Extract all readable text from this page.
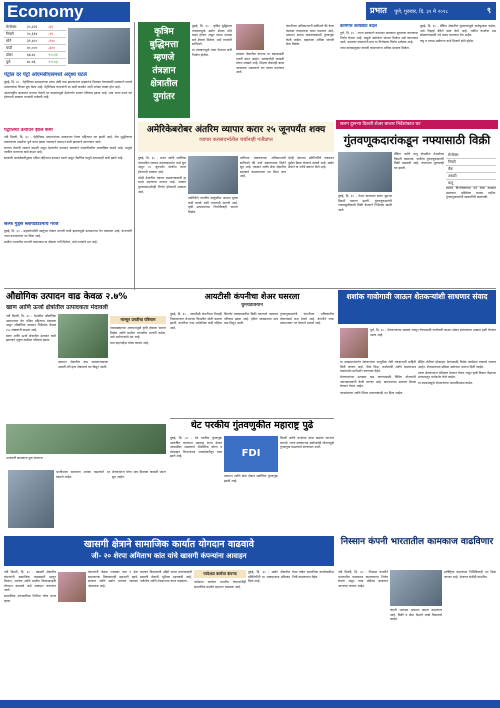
Economy	प्रभात पुणे, गुरुवार, दि. ३१ मे २०१८	९
सेन्सेक्स	३५,३२६	-६९
निफ्टी	१०,६१४	-२९
सोने	३१,४८०	-२५०
चांदी	४०,०००	-३००
डॉलर	६७.४८	+०.१२
युरो	७८.४६	+०.०३
पेट्रोल दर पेट्रो ओएमसीएसमध्ये अदृश्य घटले

मुंबई, दि. ३० - पेट्रोलियम उत्पादनांच्या दरात मोठी वाढ झाल्यानंतर ग्राहकांना दिलासा देण्यासाठी सरकारने पावले उचलण्याचा विचार सुरु केला आहे. पेट्रोलियम कंपन्यांनी दर कमी करावेत अशी अपेक्षा व्यक्त होत आहे.

आंतरराष्ट्रीय बाजारात कच्च्या तेलाचे दर वाढल्यामुळे देशांतर्गत दरावर परिणाम झाला आहे. मात्र आता दरात घट होण्याची शक्यता तज्ज्ञांनी वर्तवली आहे.

पेट्रोलियो उत्पादन झाले कमी

नवी दिल्ली, दि. ३० - पेट्रोलियम उत्पादनांच्या उत्पादनात गेल्या महिन्यात घट झाली आहे. तेल शुद्धीकरण प्रकल्पांच्या क्षमतेचा पूर्ण वापर झाला नसल्याने उत्पादन कमी झाल्याचे सांगण्यात आले.

कच्च्या तेलाची आयात वाढली असून देशांतर्गत उत्पादन घटल्याने आयातीवरील अवलंबित्व वाढले आहे. यामुळे परकीय चलनाचा खर्च वाढत आहे.

सरकारी आकडेवारीनुसार एप्रिल महिन्यात उत्पादन घटले असून नैसर्गिक वायूचे उत्पादनही कमी झाले आहे.

सेल्फ गुड्स स्लोपोडाउनाचे गरज

मुंबई, दि. ३० - ग्राहकोपयोगी वस्तूंच्या क्षेत्रात मागणी कमी झाल्यामुळे उत्पादनाचा वेग मंदावला आहे. कंपन्यांनी नव्या उत्पादनांवर भर दिला आहे.

ग्रामीण भागातील मागणी वाढल्यास या क्षेत्राला गती मिळेल, असे तज्ज्ञांचे मत आहे.

कृत्रिम बुद्धिमत्ता म्हणजे तंत्रज्ञान क्षेत्रातील युगांतर

मुंबई, दि. ३० - कृत्रिम बुद्धिमत्ता तंत्रज्ञानामुळे उद्योग क्षेत्रात मोठे बदल होणार असून त्याचा फायदा सर्व क्षेत्रांना मिळेल, असे तज्ज्ञांनी सांगितले.

या तंत्रज्ञानामुळे नव्या रोजगार संधी निर्माण होतील.	तंत्रज्ञान क्षेत्रातील कंपन्या या बदलासाठी तयारी करत आहेत. सरकारनेही यासाठी धोरण आखले आहे. शिक्षण क्षेत्रातही बदल आवश्यक असल्याचे मत व्यक्त करण्यात आले.

कंपनीच्या अधिकाऱ्यांनी सांगितले की येत्या काळात तंत्रज्ञानाचा वापर वाढणार आहे. उत्पादन क्षमता वाढवण्यासाठी गुंतवणूक केली जाईल. ग्राहकांना अधिक चांगली सेवा मिळेल.

कामगार कायद्यात बदल

पुणे, दि. ३० - राज्य सरकारने कामगार कायद्यात सुधारणा करण्याचा निर्णय घेतला आहे. यामुळे उद्योगांना चालना मिळेल असे सांगण्यात आले. कामगार संघटनांनी मात्र या निर्णयाला विरोध दर्शवला आहे.

नव्या कायद्यानुसार कंत्राटी कामगारांना अधिक संरक्षण मिळेल.

मुंबई, दि. ३० - बँकिंग क्षेत्रातील सुधारणांमुळे कर्जपुरवठा वाढेल, असे रिझर्व्ह बँकेने स्पष्ट केले आहे. थकीत कर्जांचा प्रश्न सोडवण्यासाठी नवे उपाय करण्यात येत आहेत.

लघु व मध्यम उद्योगांना कर्ज मिळणे सोपे होईल.

अमेरिकेबरोबर अंतरिम व्यापार करार २५ जूनपर्यंत शक्य
व्यापार करासंदर्भातील चर्चांनाही गतीप्राप्त

मुंबई, दि. ३० - भारत आणि अमेरिका यांच्यातील व्यापार करारासंदर्भात चर्चा सुरु असून २५ जूनपर्यंत अंतरिम करार होण्याची शक्यता आहे.

दोन्ही देशांतील व्यापार वाढवण्यासाठी हा करार महत्त्वाचा ठरणार आहे. आयात शुल्कासंदर्भातही निर्णय होण्याची शक्यता आहे.

अमेरिकेने भारतीय वस्तूंवरील आयात शुल्क कमी करावे अशी भारताची मागणी आहे. कृषी उत्पादनांच्या निर्यातीलाही चालना मिळेल.

वाणिज्य मंत्रालयाच्या अधिकाऱ्यांनी सांगितले की चर्चा सकारात्मक दिशेने सुरु आहे. तंत्रज्ञान आणि सेवा क्षेत्रातील सहकार्य वाढवण्यावर भर दिला जात आहे.

दोन्ही देशांच्या प्रतिनिधींनी लवकरच पुढील बैठक घेण्याचे ठरवले आहे. उद्योग क्षेत्राने या चर्चेचे स्वागत केले आहे.

सलग दुसऱ्या दिवशी शेअर बाजार निर्देशांकात घट
गुंतवणूकदारांकडून नफ्यासाठी विक्री

मुंबई, दि. ३० - शेअर बाजारात सलग दुसऱ्या दिवशी घसरण झाली. गुंतवणूकदारांनी नफावसुलीसाठी विक्री केल्याने निर्देशांक खाली आले.

बँकिंग आणि धातू क्षेत्रातील शेअर्सच्या किमती घसरल्या. परकीय गुंतवणूकदारांनी विक्री वाढवली आहे. रुपयाच्या मूल्यातही घट झाली.

सेन्सेक्स
निफ्टी
बँक
आयटी
धातू

बाजार विश्लेषकांच्या मते येत्या काळात बाजारात अस्थिरता कायम राहील. गुंतवणूकदारांनी सावधगिरी बाळगावी.

औद्योगिक उत्पादन वाढ केवळ २.७%
खाण आणि ऊर्जा क्षेत्रांतील उत्पादकता मंदावली

नवी दिल्ली, दि. ३० - देशातील औद्योगिक उत्पादनाचा वेग एप्रिल महिन्यात मंदावला असून औद्योगिक उत्पादन निर्देशांक केवळ २.७ टक्क्यांनी वाढला आहे.

खाण आणि ऊर्जा क्षेत्रातील उत्पादन कमी झाल्याने एकूण वाढीवर परिणाम झाला.

उत्पादन क्षेत्रातील वाढ समाधानकारक असली तरी इतर क्षेत्रांमध्ये घट दिसून आली.

मान्सून प्रगतीचा परिणाम

पावसाळ्याच्या आगमनामुळे कृषी क्षेत्राला चालना मिळेल आणि ग्रामीण भागातील मागणी वाढेल, असे अर्थतज्ज्ञांचे मत आहे.

मात्र महागाईचा धोका कायम आहे.

मध्यरात्री कारखाना सुरु करताना
आयटीसी कंपनीचा शेअर घसरला
धुमधडाक्याने

मुंबई, दि. ३० - आयटीसी कंपनीच्या तिमाही निकालानंतर शेअरच्या किमतीत मोठी घसरण झाली. कंपनीचा नफा अपेक्षेपेक्षा कमी राहिला आहे.

सिगारेट व्यवसायातील विक्री घटल्याने नफ्यावर परिणाम झाला आहे. हॉटेल व्यवसायात मात्र वाढ दिसून आली.

गुंतवणूकदारांनी कंपनीच्या भविष्यातील योजनांकडे लक्ष ठेवले आहे. कंपनीने नव्या उत्पादनांवर भर देण्याचे ठरवले आहे.

शशांक गावोगावी जाऊन शेतकऱ्यांशी साधणार संवाद

पुणे, दि. ३० - शेतकऱ्यांच्या समस्या जाणून घेण्यासाठी गावोगावी जाऊन संवाद साधण्याचा उपक्रम हाती घेण्यात आला आहे.

या उपक्रमाअंतर्गत शेतकऱ्यांना आधुनिक शेती तंत्रज्ञानाची माहिती दिली जाणार आहे. पीक विमा, कर्जमाफी आणि बाजारभाव यासंदर्भात मार्गदर्शन करण्यात येईल.

शेतकऱ्यांच्या उत्पन्नात वाढ करण्यासाठी विविध योजनांची अंमलबजावणी केली जाणार आहे. ग्रामपंचायत स्तरावर बैठका घेण्यात येणार आहेत.

जलसंधारण आणि सिंचन प्रकल्पांवरही भर दिला जाईल.

सेंद्रिय शेतीला प्रोत्साहन देण्यासाठी विशेष कार्यक्रम राबवले जाणार आहेत. शेतमालाच्या प्रक्रिया उद्योगांना चालना दिली जाईल.

तरुण शेतकऱ्यांना प्रशिक्षण देण्यात येणार असून कृषी विज्ञान केंद्रांच्या माध्यमातून मार्गदर्शन केले जाईल.

या उपक्रमामुळे शेतकऱ्यांचा आत्मविश्वास वाढेल.

थेट परकीय गुंतवणुकीत महाराष्ट्र पुढे

भाजीपाला बाजारात आवक वाढल्याने दर घसरले आहेत.

शेतकऱ्यांना योग्य भाव मिळावा यासाठी प्रयत्न सुरु आहेत.

मुंबई, दि. ३० - थेट परकीय गुंतवणूक आकर्षित करण्यात महाराष्ट्र राज्य देशात आघाडीवर असल्याचे औद्योगिक धोरण व प्रोत्साहन विभागाच्या आकडेवारीतून स्पष्ट झाले आहे.	FDI

उत्पादन आणि सेवा क्षेत्रात सर्वाधिक गुंतवणूक झाली आहे.

दिल्ली आणि कर्नाटक यांचा क्रमांक त्यानंतर लागतो. राज्य सरकारच्या उद्योगस्नेही धोरणांमुळे गुंतवणूक वाढल्याचे सांगण्यात आले.

खासगी क्षेत्राने सामाजिक कार्यात योगदान वाढवावे
जी- २० शेरपा अमिताभ कांत यांचे खासगी कंपन्यांना आवाहन
निस्सान कंपनी भारतातील कामकाज वाढविणार

नवी दिल्ली, दि. ३० - खासगी क्षेत्रातील कंपन्यांनी सामाजिक जबाबदारी म्हणून शिक्षण, आरोग्य आणि ग्रामीण विकासासाठी योगदान वाढवावे असे आवाहन करण्यात आले.

सामाजिक उत्तरदायित्व निधीचा योग्य वापर व्हावा.

कंपन्यांनी केवळ नफ्यावर लक्ष न देता समाजाच्या विकासातही सहभागी व्हावे. सरकार आणि उद्योग यांच्यात समन्वय आवश्यक आहे.

शाश्वत विकासाची उद्दिष्टे साध्य करण्यासाठी खासगी क्षेत्राची भूमिका महत्त्वाची आहे. नवोन्मेष आणि तंत्रज्ञानाचा वापर वाढवावा.

परदेशात कार्यरत कंपन्या

परदेशात कार्यरत भारतीय कंपन्यांनीही सामाजिक कार्यात सहभाग वाढवला आहे.

मुंबई, दि. ३० - उद्योग क्षेत्रातील प्रतिनिधींनी या आवाहनाला प्रतिसाद दिला आहे.

येत्या वर्षात सामाजिक कार्यासाठीचा निधी वाढवण्यात येईल.

नवी दिल्ली, दि. ३० - निस्सान कंपनीने भारतातील कामकाज वाढवण्याचा निर्णय घेतला असून नव्या मॉडेल्स बाजारात आणल्या जाणार आहेत.

कंपनी भारतात उत्पादन क्षमता वाढवणार आहे. विक्री व सेवा केंद्रांचे जाळे विस्तारले जाईल.

इलेक्ट्रिक वाहनांच्या निर्मितीवरही भर दिला जाणार आहे. रोजगार संधीही वाढतील.
